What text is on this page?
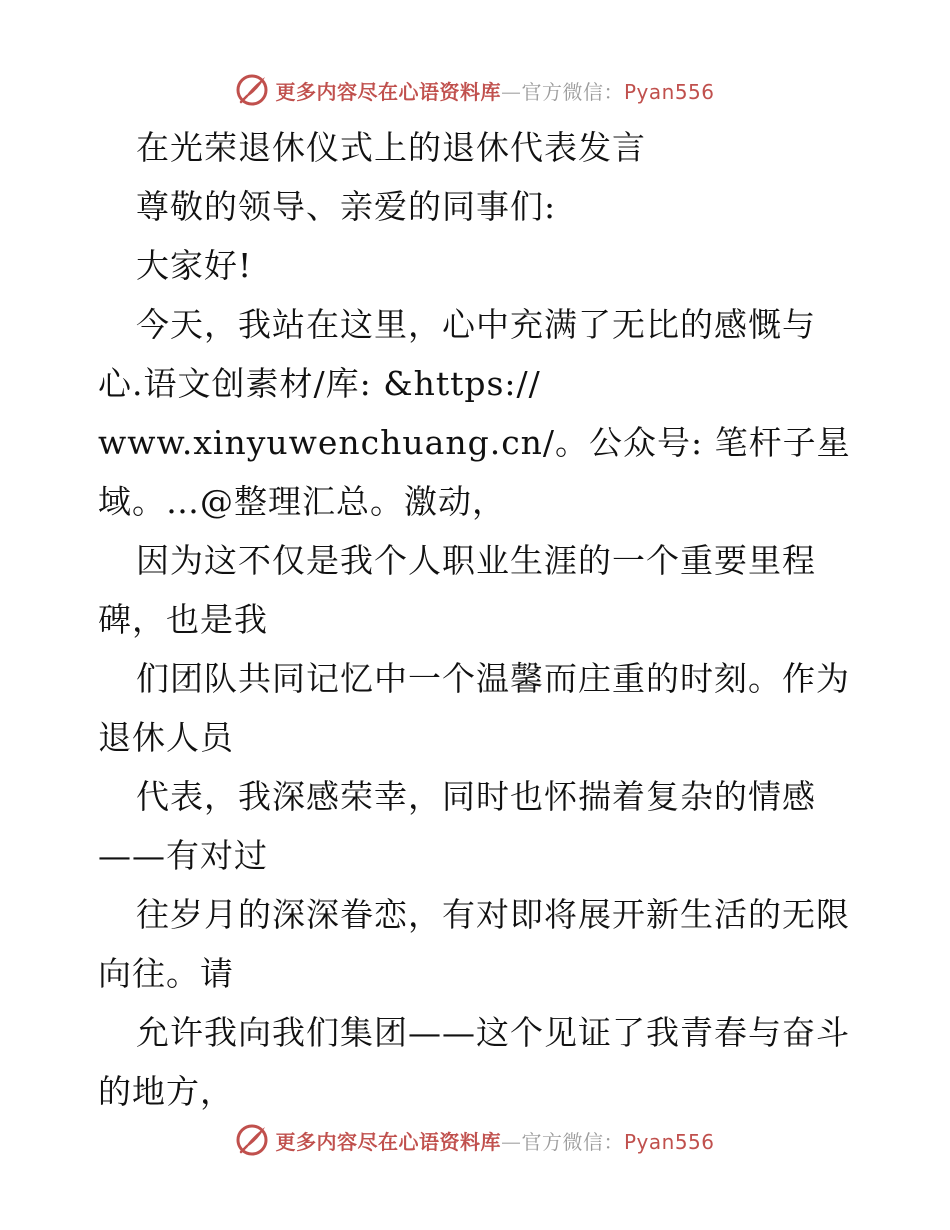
更多内容尽在心语资料库—官方微信：Pyan556
在光荣退休仪式上的退休代表发言
尊敬的领导、亲爱的同事们:
大家好!
今天，我站在这里，心中充满了无比的感慨与
心.语文创素材/库: &https://
www.xinyuwenchuang.cn/。公众号: 笔杆子星
域。…@整理汇总。激动，
因为这不仅是我个人职业生涯的一个重要里程
碑，也是我
们团队共同记忆中一个温馨而庄重的时刻。作为
退休人员
代表，我深感荣幸，同时也怀揣着复杂的情感
——有对过
往岁月的深深眷恋，有对即将展开新生活的无限
向往。请
允许我向我们集团——这个见证了我青春与奋斗
的地方，
更多内容尽在心语资料库—官方微信：Pyan556
